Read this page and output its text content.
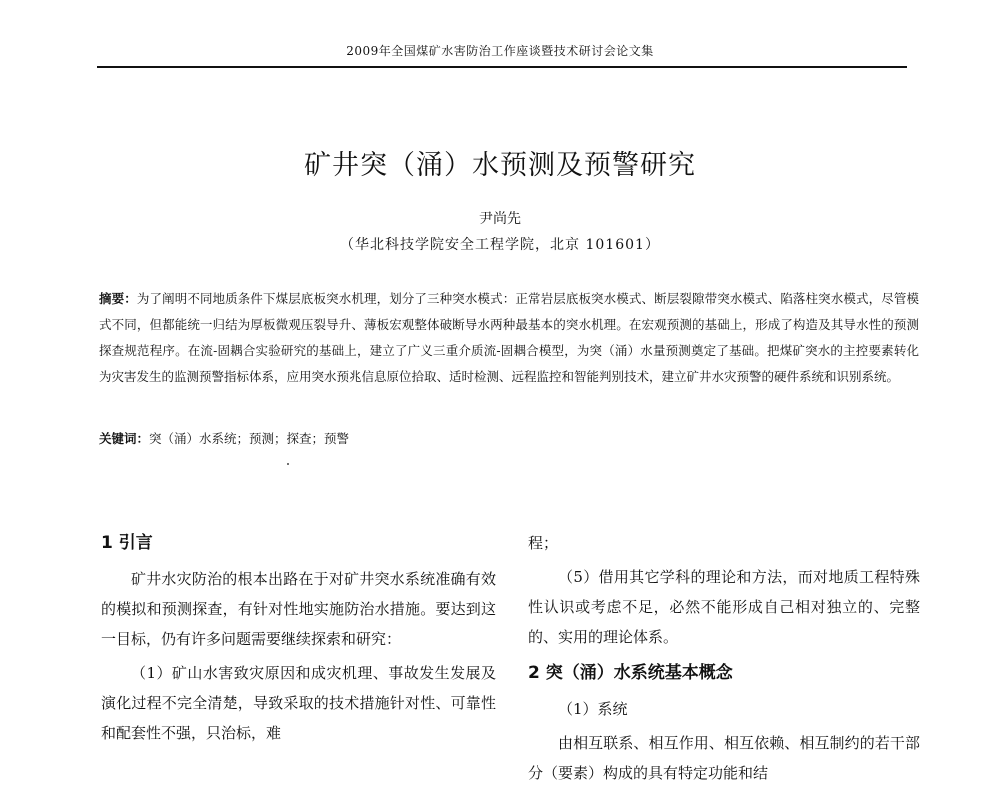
2009年全国煤矿水害防治工作座谈暨技术研讨会论文集
矿井突（涌）水预测及预警研究
尹尚先
（华北科技学院安全工程学院，北京 101601）
摘要：为了阐明不同地质条件下煤层底板突水机理，划分了三种突水模式：正常岩层底板突水模式、断层裂隙带突水模式、陷落柱突水模式，尽管模式不同，但都能统一归结为厚板微观压裂导升、薄板宏观整体破断导水两种最基本的突水机理。在宏观预测的基础上，形成了构造及其导水性的预测探查规范程序。在流-固耦合实验研究的基础上，建立了广义三重介质流-固耦合模型，为突（涌）水量预测奠定了基础。把煤矿突水的主控要素转化为灾害发生的监测预警指标体系，应用突水预兆信息原位拾取、适时检测、远程监控和智能判别技术，建立矿井水灾预警的硬件系统和识别系统。
关键词：突（涌）水系统；预测；探查；预警
1 引言

矿井水灾防治的根本出路在于对矿井突水系统准确有效的模拟和预测探查，有针对性地实施防治水措施。要达到这一目标，仍有许多问题需要继续探索和研究：

（1）矿山水害致灾原因和成灾机理、事故发生发展及演化过程不完全清楚，导致采取的技术措施针对性、可靠性和配套性不强，只治标，难

程；

（5）借用其它学科的理论和方法，而对地质工程特殊性认识或考虑不足，必然不能形成自己相对独立的、完整的、实用的理论体系。

2 突（涌）水系统基本概念

（1）系统

由相互联系、相互作用、相互依赖、相互制约的若干部分（要素）构成的具有特定功能和结
